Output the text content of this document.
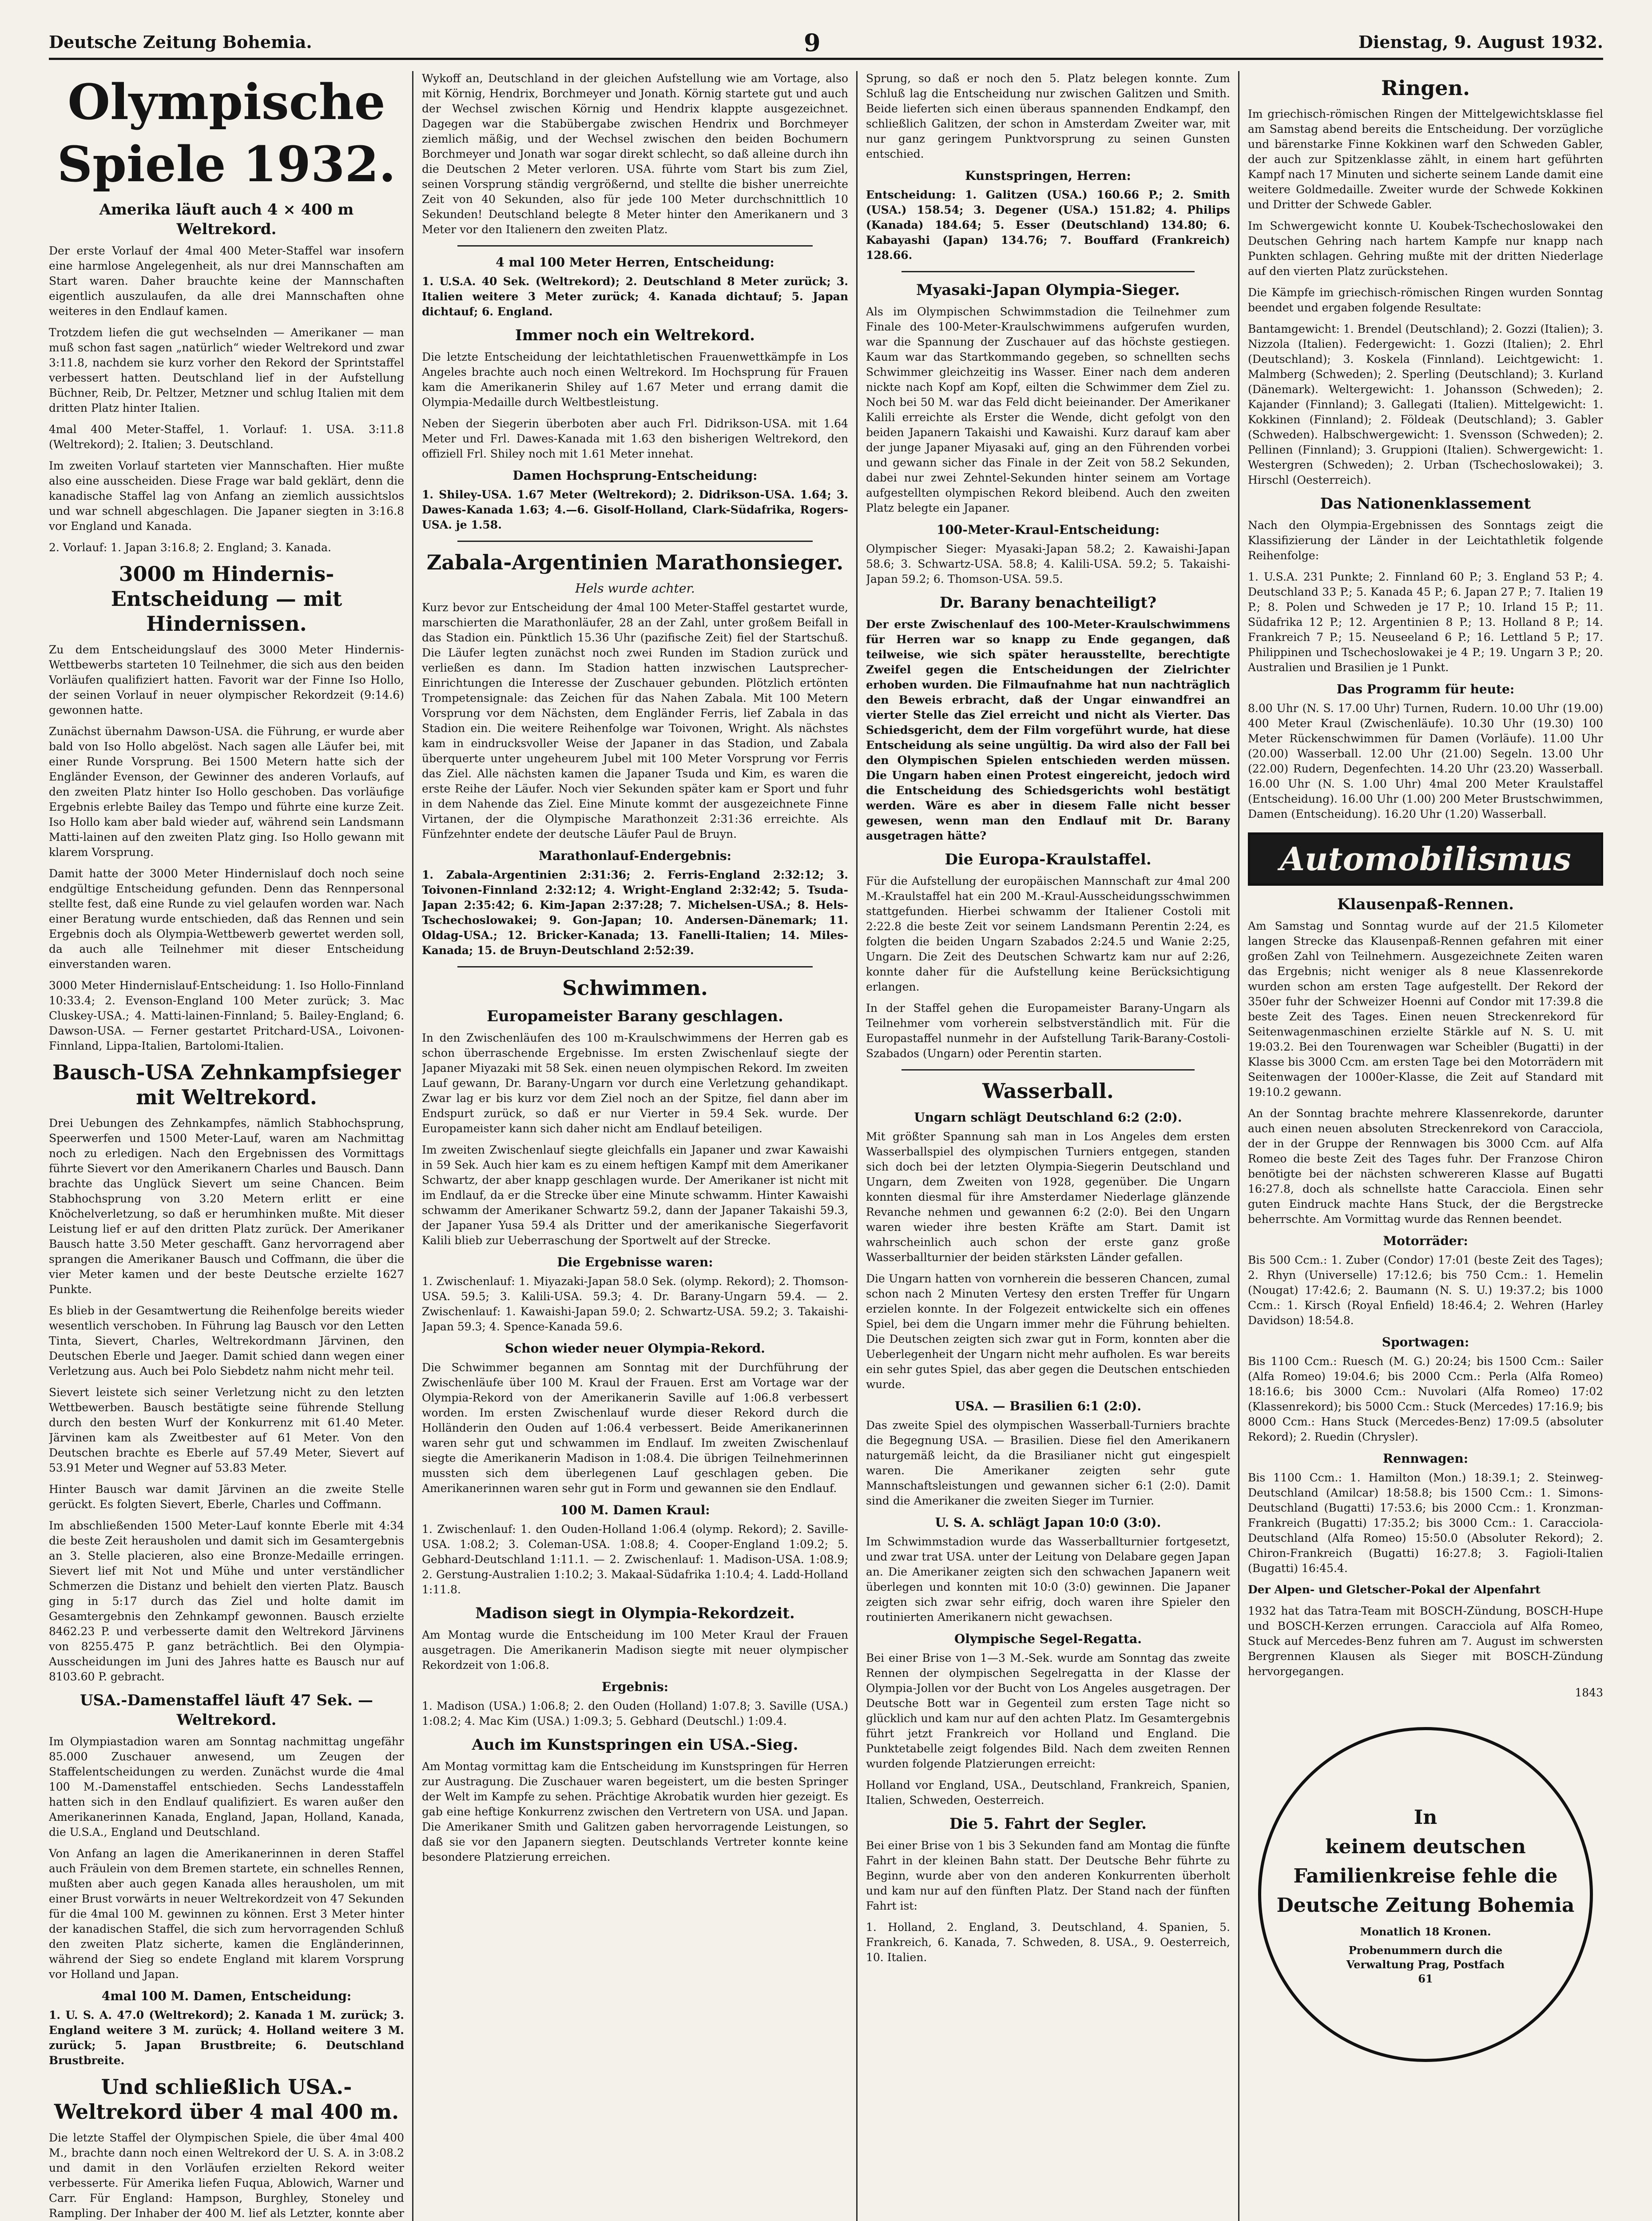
Deutsche Zeitung Bohemia.	9	Dienstag, 9. August 1932.
Olympische Spiele 1932.
Amerika läuft auch 4 × 400 m Weltrekord.

Der erste Vorlauf der 4mal 400 Meter-Staffel war insofern eine harmlose Angelegenheit, als nur drei Mannschaften am Start waren. Daher brauchte keine der Mannschaften eigentlich auszulaufen, da alle drei Mannschaften ohne weiteres in den Endlauf kamen.

Trotzdem liefen die gut wechselnden — Amerikaner — man muß schon fast sagen „natürlich“ wieder Weltrekord und zwar 3:11.8, nachdem sie kurz vorher den Rekord der Sprintstaffel verbessert hatten. Deutschland lief in der Aufstellung Büchner, Reib, Dr. Peltzer, Metzner und schlug Italien mit dem dritten Platz hinter Italien.

4mal 400 Meter-Staffel, 1. Vorlauf: 1. USA. 3:11.8 (Weltrekord); 2. Italien; 3. Deutschland.

Im zweiten Vorlauf starteten vier Mannschaften. Hier mußte also eine ausscheiden. Diese Frage war bald geklärt, denn die kanadische Staffel lag von Anfang an ziemlich aussichtslos und war schnell abgeschlagen. Die Japaner siegten in 3:16.8 vor England und Kanada.

2. Vorlauf: 1. Japan 3:16.8; 2. England; 3. Kanada.

3000 m Hindernis-Entscheidung — mit Hindernissen.

Zu dem Entscheidungslauf des 3000 Meter Hindernis-Wettbewerbs starteten 10 Teilnehmer, die sich aus den beiden Vorläufen qualifiziert hatten. Favorit war der Finne Iso Hollo, der seinen Vorlauf in neuer olympischer Rekordzeit (9:14.6) gewonnen hatte.

Zunächst übernahm Dawson-USA. die Führung, er wurde aber bald von Iso Hollo abgelöst. Nach sagen alle Läufer bei, mit einer Runde Vorsprung. Bei 1500 Metern hatte sich der Engländer Evenson, der Gewinner des anderen Vorlaufs, auf den zweiten Platz hinter Iso Hollo geschoben. Das vorläufige Ergebnis erlebte Bailey das Tempo und führte eine kurze Zeit. Iso Hollo kam aber bald wieder auf, während sein Landsmann Matti-lainen auf den zweiten Platz ging. Iso Hollo gewann mit klarem Vorsprung.

Damit hatte der 3000 Meter Hindernislauf doch noch seine endgültige Entscheidung gefunden. Denn das Rennpersonal stellte fest, daß eine Runde zu viel gelaufen worden war. Nach einer Beratung wurde entschieden, daß das Rennen und sein Ergebnis doch als Olympia-Wettbewerb gewertet werden soll, da auch alle Teilnehmer mit dieser Entscheidung einverstanden waren.

3000 Meter Hindernislauf-Entscheidung: 1. Iso Hollo-Finnland 10:33.4; 2. Evenson-England 100 Meter zurück; 3. Mac Cluskey-USA.; 4. Matti-lainen-Finnland; 5. Bailey-England; 6. Dawson-USA. — Ferner gestartet Pritchard-USA., Loivonen-Finnland, Lippa-Italien, Bartolomi-Italien.

Bausch-USA Zehnkampfsieger mit Weltrekord.

Drei Uebungen des Zehnkampfes, nämlich Stabhochsprung, Speerwerfen und 1500 Meter-Lauf, waren am Nachmittag noch zu erledigen. Nach den Ergebnissen des Vormittags führte Sievert vor den Amerikanern Charles und Bausch. Dann brachte das Unglück Sievert um seine Chancen. Beim Stabhochsprung von 3.20 Metern erlitt er eine Knöchelverletzung, so daß er herumhinken mußte. Mit dieser Leistung lief er auf den dritten Platz zurück. Der Amerikaner Bausch hatte 3.50 Meter geschafft. Ganz hervorragend aber sprangen die Amerikaner Bausch und Coffmann, die über die vier Meter kamen und der beste Deutsche erzielte 1627 Punkte.

Es blieb in der Gesamtwertung die Reihenfolge bereits wieder wesentlich verschoben. In Führung lag Bausch vor den Letten Tinta, Sievert, Charles, Weltrekordmann Järvinen, den Deutschen Eberle und Jaeger. Damit schied dann wegen einer Verletzung aus. Auch bei Polo Siebdetz nahm nicht mehr teil.

Sievert leistete sich seiner Verletzung nicht zu den letzten Wettbewerben. Bausch bestätigte seine führende Stellung durch den besten Wurf der Konkurrenz mit 61.40 Meter. Järvinen kam als Zweitbester auf 61 Meter. Von den Deutschen brachte es Eberle auf 57.49 Meter, Sievert auf 53.91 Meter und Wegner auf 53.83 Meter.

Hinter Bausch war damit Järvinen an die zweite Stelle gerückt. Es folgten Sievert, Eberle, Charles und Coffmann.

Im abschließenden 1500 Meter-Lauf konnte Eberle mit 4:34 die beste Zeit herausholen und damit sich im Gesamtergebnis an 3. Stelle placieren, also eine Bronze-Medaille erringen. Sievert lief mit Not und Mühe und unter verständlicher Schmerzen die Distanz und behielt den vierten Platz. Bausch ging in 5:17 durch das Ziel und holte damit im Gesamtergebnis den Zehnkampf gewonnen. Bausch erzielte 8462.23 P. und verbesserte damit den Weltrekord Järvinens von 8255.475 P. ganz beträchtlich. Bei den Olympia-Ausscheidungen im Juni des Jahres hatte es Bausch nur auf 8103.60 P. gebracht.

USA.-Damenstaffel läuft 47 Sek. — Weltrekord.

Im Olympiastadion waren am Sonntag nachmittag ungefähr 85.000 Zuschauer anwesend, um Zeugen der Staffelentscheidungen zu werden. Zunächst wurde die 4mal 100 M.-Damenstaffel entschieden. Sechs Landesstaffeln hatten sich in den Endlauf qualifiziert. Es waren außer den Amerikanerinnen Kanada, England, Japan, Holland, Kanada, die U.S.A., England und Deutschland.

Von Anfang an lagen die Amerikanerinnen in deren Staffel auch Fräulein von dem Bremen startete, ein schnelles Rennen, mußten aber auch gegen Kanada alles herausholen, um mit einer Brust vorwärts in neuer Weltrekordzeit von 47 Sekunden für die 4mal 100 M. gewinnen zu können. Erst 3 Meter hinter der kanadischen Staffel, die sich zum hervorragenden Schluß den zweiten Platz sicherte, kamen die Engländerinnen, während der Sieg so endete England mit klarem Vorsprung vor Holland und Japan.

4mal 100 M. Damen, Entscheidung:

1. U. S. A. 47.0 (Weltrekord); 2. Kanada 1 M. zurück; 3. England weitere 3 M. zurück; 4. Holland weitere 3 M. zurück; 5. Japan Brustbreite; 6. Deutschland Brustbreite.

Und schließlich USA.-Weltrekord über 4 mal 400 m.

Die letzte Staffel der Olympischen Spiele, die über 4mal 400 M., brachte dann noch einen Weltrekord der U. S. A. in 3:08.2 und damit in den Vorläufen erzielten Rekord weiter verbesserte. Für Amerika liefen Fuqua, Ablowich, Warner und Carr. Für England: Hampson, Burghley, Stoneley und Rampling. Der Inhaber der 400 M. lief als Letzter, konnte aber

Wykoff an, Deutschland in der gleichen Aufstellung wie am Vortage, also mit Körnig, Hendrix, Borchmeyer und Jonath. Körnig startete gut und auch der Wechsel zwischen Körnig und Hendrix klappte ausgezeichnet. Dagegen war die Stabübergabe zwischen Hendrix und Borchmeyer ziemlich mäßig, und der Wechsel zwischen den beiden Bochumern Borchmeyer und Jonath war sogar direkt schlecht, so daß alleine durch ihn die Deutschen 2 Meter verloren. USA. führte vom Start bis zum Ziel, seinen Vorsprung ständig vergrößernd, und stellte die bisher unerreichte Zeit von 40 Sekunden, also für jede 100 Meter durchschnittlich 10 Sekunden! Deutschland belegte 8 Meter hinter den Amerikanern und 3 Meter vor den Italienern den zweiten Platz.

4 mal 100 Meter Herren, Entscheidung:

1. U.S.A. 40 Sek. (Weltrekord); 2. Deutschland 8 Meter zurück; 3. Italien weitere 3 Meter zurück; 4. Kanada dichtauf; 5. Japan dichtauf; 6. England.

Immer noch ein Weltrekord.

Die letzte Entscheidung der leichtathletischen Frauenwettkämpfe in Los Angeles brachte auch noch einen Weltrekord. Im Hochsprung für Frauen kam die Amerikanerin Shiley auf 1.67 Meter und errang damit die Olympia-Medaille durch Weltbestleistung.

Neben der Siegerin überboten aber auch Frl. Didrikson-USA. mit 1.64 Meter und Frl. Dawes-Kanada mit 1.63 den bisherigen Weltrekord, den offiziell Frl. Shiley noch mit 1.61 Meter innehat.

Damen Hochsprung-Entscheidung:

1. Shiley-USA. 1.67 Meter (Weltrekord); 2. Didrikson-USA. 1.64; 3. Dawes-Kanada 1.63; 4.—6. Gisolf-Holland, Clark-Südafrika, Rogers-USA. je 1.58.

Zabala-Argentinien Marathonsieger.
Hels wurde achter.

Kurz bevor zur Entscheidung der 4mal 100 Meter-Staffel gestartet wurde, marschierten die Marathonläufer, 28 an der Zahl, unter großem Beifall in das Stadion ein. Pünktlich 15.36 Uhr (pazifische Zeit) fiel der Startschuß. Die Läufer legten zunächst noch zwei Runden im Stadion zurück und verließen es dann. Im Stadion hatten inzwischen Lautsprecher-Einrichtungen die Interesse der Zuschauer gebunden. Plötzlich ertönten Trompetensignale: das Zeichen für das Nahen Zabala. Mit 100 Metern Vorsprung vor dem Nächsten, dem Engländer Ferris, lief Zabala in das Stadion ein. Die weitere Reihenfolge war Toivonen, Wright. Als nächstes kam in eindrucksvoller Weise der Japaner in das Stadion, und Zabala überquerte unter ungeheurem Jubel mit 100 Meter Vorsprung vor Ferris das Ziel. Alle nächsten kamen die Japaner Tsuda und Kim, es waren die erste Reihe der Läufer. Noch vier Sekunden später kam er Sport und fuhr in dem Nahende das Ziel. Eine Minute kommt der ausgezeichnete Finne Virtanen, der die Olympische Marathonzeit 2:31:36 erreichte. Als Fünfzehnter endete der deutsche Läufer Paul de Bruyn.

Marathonlauf-Endergebnis:

1. Zabala-Argentinien 2:31:36; 2. Ferris-England 2:32:12; 3. Toivonen-Finnland 2:32:12; 4. Wright-England 2:32:42; 5. Tsuda-Japan 2:35:42; 6. Kim-Japan 2:37:28; 7. Michelsen-USA.; 8. Hels-Tschechoslowakei; 9. Gon-Japan; 10. Andersen-Dänemark; 11. Oldag-USA.; 12. Bricker-Kanada; 13. Fanelli-Italien; 14. Miles-Kanada; 15. de Bruyn-Deutschland 2:52:39.

Schwimmen.
Europameister Barany geschlagen.

In den Zwischenläufen des 100 m-Kraulschwimmens der Herren gab es schon überraschende Ergebnisse. Im ersten Zwischenlauf siegte der Japaner Miyazaki mit 58 Sek. einen neuen olympischen Rekord. Im zweiten Lauf gewann, Dr. Barany-Ungarn vor durch eine Verletzung gehandikapt. Zwar lag er bis kurz vor dem Ziel noch an der Spitze, fiel dann aber im Endspurt zurück, so daß er nur Vierter in 59.4 Sek. wurde. Der Europameister kann sich daher nicht am Endlauf beteiligen.

Im zweiten Zwischenlauf siegte gleichfalls ein Japaner und zwar Kawaishi in 59 Sek. Auch hier kam es zu einem heftigen Kampf mit dem Amerikaner Schwartz, der aber knapp geschlagen wurde. Der Amerikaner ist nicht mit im Endlauf, da er die Strecke über eine Minute schwamm. Hinter Kawaishi schwamm der Amerikaner Schwartz 59.2, dann der Japaner Takaishi 59.3, der Japaner Yusa 59.4 als Dritter und der amerikanische Siegerfavorit Kalili blieb zur Ueberraschung der Sportwelt auf der Strecke.

Die Ergebnisse waren:

1. Zwischenlauf: 1. Miyazaki-Japan 58.0 Sek. (olymp. Rekord); 2. Thomson-USA. 59.5; 3. Kalili-USA. 59.3; 4. Dr. Barany-Ungarn 59.4. — 2. Zwischenlauf: 1. Kawaishi-Japan 59.0; 2. Schwartz-USA. 59.2; 3. Takaishi-Japan 59.3; 4. Spence-Kanada 59.6.

Schon wieder neuer Olympia-Rekord.

Die Schwimmer begannen am Sonntag mit der Durchführung der Zwischenläufe über 100 M. Kraul der Frauen. Erst am Vortage war der Olympia-Rekord von der Amerikanerin Saville auf 1:06.8 verbessert worden. Im ersten Zwischenlauf wurde dieser Rekord durch die Holländerin den Ouden auf 1:06.4 verbessert. Beide Amerikanerinnen waren sehr gut und schwammen im Endlauf. Im zweiten Zwischenlauf siegte die Amerikanerin Madison in 1:08.4. Die übrigen Teilnehmerinnen mussten sich dem überlegenen Lauf geschlagen geben. Die Amerikanerinnen waren sehr gut in Form und gewannen sie den Endlauf.

100 M. Damen Kraul:

1. Zwischenlauf: 1. den Ouden-Holland 1:06.4 (olymp. Rekord); 2. Saville-USA. 1:08.2; 3. Coleman-USA. 1:08.8; 4. Cooper-England 1:09.2; 5. Gebhard-Deutschland 1:11.1. — 2. Zwischenlauf: 1. Madison-USA. 1:08.9; 2. Gerstung-Australien 1:10.2; 3. Makaal-Südafrika 1:10.4; 4. Ladd-Holland 1:11.8.

Madison siegt in Olympia-Rekordzeit.

Am Montag wurde die Entscheidung im 100 Meter Kraul der Frauen ausgetragen. Die Amerikanerin Madison siegte mit neuer olympischer Rekordzeit von 1:06.8.

Ergebnis:

1. Madison (USA.) 1:06.8; 2. den Ouden (Holland) 1:07.8; 3. Saville (USA.) 1:08.2; 4. Mac Kim (USA.) 1:09.3; 5. Gebhard (Deutschl.) 1:09.4.

Auch im Kunstspringen ein USA.-Sieg.

Am Montag vormittag kam die Entscheidung im Kunstspringen für Herren zur Austragung. Die Zuschauer waren begeistert, um die besten Springer der Welt im Kampfe zu sehen. Prächtige Akrobatik wurden hier gezeigt. Es gab eine heftige Konkurrenz zwischen den Vertretern von USA. und Japan. Die Amerikaner Smith und Galitzen gaben hervorragende Leistungen, so daß sie vor den Japanern siegten. Deutschlands Vertreter konnte keine besondere Platzierung erreichen.

Sprung, so daß er noch den 5. Platz belegen konnte. Zum Schluß lag die Entscheidung nur zwischen Galitzen und Smith. Beide lieferten sich einen überaus spannenden Endkampf, den schließlich Galitzen, der schon in Amsterdam Zweiter war, mit nur ganz geringem Punktvorsprung zu seinen Gunsten entschied.

Kunstspringen, Herren:

Entscheidung: 1. Galitzen (USA.) 160.66 P.; 2. Smith (USA.) 158.54; 3. Degener (USA.) 151.82; 4. Philips (Kanada) 184.64; 5. Esser (Deutschland) 134.80; 6. Kabayashi (Japan) 134.76; 7. Bouffard (Frankreich) 128.66.

Myasaki-Japan Olympia-Sieger.

Als im Olympischen Schwimmstadion die Teilnehmer zum Finale des 100-Meter-Kraulschwimmens aufgerufen wurden, war die Spannung der Zuschauer auf das höchste gestiegen. Kaum war das Startkommando gegeben, so schnellten sechs Schwimmer gleichzeitig ins Wasser. Einer nach dem anderen nickte nach Kopf am Kopf, eilten die Schwimmer dem Ziel zu. Noch bei 50 M. war das Feld dicht beieinander. Der Amerikaner Kalili erreichte als Erster die Wende, dicht gefolgt von den beiden Japanern Takaishi und Kawaishi. Kurz darauf kam aber der junge Japaner Miyasaki auf, ging an den Führenden vorbei und gewann sicher das Finale in der Zeit von 58.2 Sekunden, dabei nur zwei Zehntel-Sekunden hinter seinem am Vortage aufgestellten olympischen Rekord bleibend. Auch den zweiten Platz belegte ein Japaner.

100-Meter-Kraul-Entscheidung:

Olympischer Sieger: Myasaki-Japan 58.2; 2. Kawaishi-Japan 58.6; 3. Schwartz-USA. 58.8; 4. Kalili-USA. 59.2; 5. Takaishi-Japan 59.2; 6. Thomson-USA. 59.5.

Dr. Barany benachteiligt?

Der erste Zwischenlauf des 100-Meter-Kraulschwimmens für Herren war so knapp zu Ende gegangen, daß teilweise, wie sich später herausstellte, berechtigte Zweifel gegen die Entscheidungen der Zielrichter erhoben wurden. Die Filmaufnahme hat nun nachträglich den Beweis erbracht, daß der Ungar einwandfrei an vierter Stelle das Ziel erreicht und nicht als Vierter. Das Schiedsgericht, dem der Film vorgeführt wurde, hat diese Entscheidung als seine ungültig. Da wird also der Fall bei den Olympischen Spielen entschieden werden müssen. Die Ungarn haben einen Protest eingereicht, jedoch wird die Entscheidung des Schiedsgerichts wohl bestätigt werden. Wäre es aber in diesem Falle nicht besser gewesen, wenn man den Endlauf mit Dr. Barany ausgetragen hätte?

Die Europa-Kraulstaffel.

Für die Aufstellung der europäischen Mannschaft zur 4mal 200 M.-Kraulstaffel hat ein 200 M.-Kraul-Ausscheidungsschwimmen stattgefunden. Hierbei schwamm der Italiener Costoli mit 2:22.8 die beste Zeit vor seinem Landsmann Perentin 2:24, es folgten die beiden Ungarn Szabados 2:24.5 und Wanie 2:25, Ungarn. Die Zeit des Deutschen Schwartz kam nur auf 2:26, konnte daher für die Aufstellung keine Berücksichtigung erlangen.

In der Staffel gehen die Europameister Barany-Ungarn als Teilnehmer vom vorherein selbstverständlich mit. Für die Europastaffel nunmehr in der Aufstellung Tarik-Barany-Costoli-Szabados (Ungarn) oder Perentin starten.

Wasserball.
Ungarn schlägt Deutschland 6:2 (2:0).

Mit größter Spannung sah man in Los Angeles dem ersten Wasserballspiel des olympischen Turniers entgegen, standen sich doch bei der letzten Olympia-Siegerin Deutschland und Ungarn, dem Zweiten von 1928, gegenüber. Die Ungarn konnten diesmal für ihre Amsterdamer Niederlage glänzende Revanche nehmen und gewannen 6:2 (2:0). Bei den Ungarn waren wieder ihre besten Kräfte am Start. Damit ist wahrscheinlich auch schon der erste ganz große Wasserballturnier der beiden stärksten Länder gefallen.

Die Ungarn hatten von vornherein die besseren Chancen, zumal schon nach 2 Minuten Vertesy den ersten Treffer für Ungarn erzielen konnte. In der Folgezeit entwickelte sich ein offenes Spiel, bei dem die Ungarn immer mehr die Führung behielten. Die Deutschen zeigten sich zwar gut in Form, konnten aber die Ueberlegenheit der Ungarn nicht mehr aufholen. Es war bereits ein sehr gutes Spiel, das aber gegen die Deutschen entschieden wurde.

USA. — Brasilien 6:1 (2:0).

Das zweite Spiel des olympischen Wasserball-Turniers brachte die Begegnung USA. — Brasilien. Diese fiel den Amerikanern naturgemäß leicht, da die Brasilianer nicht gut eingespielt waren. Die Amerikaner zeigten sehr gute Mannschaftsleistungen und gewannen sicher 6:1 (2:0). Damit sind die Amerikaner die zweiten Sieger im Turnier.

U. S. A. schlägt Japan 10:0 (3:0).

Im Schwimmstadion wurde das Wasserballturnier fortgesetzt, und zwar trat USA. unter der Leitung von Delabare gegen Japan an. Die Amerikaner zeigten sich den schwachen Japanern weit überlegen und konnten mit 10:0 (3:0) gewinnen. Die Japaner zeigten sich zwar sehr eifrig, doch waren ihre Spieler den routinierten Amerikanern nicht gewachsen.

Olympische Segel-Regatta.

Bei einer Brise von 1—3 M.-Sek. wurde am Sonntag das zweite Rennen der olympischen Segelregatta in der Klasse der Olympia-Jollen vor der Bucht von Los Angeles ausgetragen. Der Deutsche Bott war in Gegenteil zum ersten Tage nicht so glücklich und kam nur auf den achten Platz. Im Gesamtergebnis führt jetzt Frankreich vor Holland und England. Die Punktetabelle zeigt folgendes Bild. Nach dem zweiten Rennen wurden folgende Platzierungen erreicht:

Holland vor England, USA., Deutschland, Frankreich, Spanien, Italien, Schweden, Oesterreich.

Die 5. Fahrt der Segler.

Bei einer Brise von 1 bis 3 Sekunden fand am Montag die fünfte Fahrt in der kleinen Bahn statt. Der Deutsche Behr führte zu Beginn, wurde aber von den anderen Konkurrenten überholt und kam nur auf den fünften Platz. Der Stand nach der fünften Fahrt ist:

1. Holland, 2. England, 3. Deutschland, 4. Spanien, 5. Frankreich, 6. Kanada, 7. Schweden, 8. USA., 9. Oesterreich, 10. Italien.

Ringen.

Im griechisch-römischen Ringen der Mittelgewichtsklasse fiel am Samstag abend bereits die Entscheidung. Der vorzügliche und bärenstarke Finne Kokkinen warf den Schweden Gabler, der auch zur Spitzenklasse zählt, in einem hart geführten Kampf nach 17 Minuten und sicherte seinem Lande damit eine weitere Goldmedaille. Zweiter wurde der Schwede Kokkinen und Dritter der Schwede Gabler.

Im Schwergewicht konnte U. Koubek-Tschechoslowakei den Deutschen Gehring nach hartem Kampfe nur knapp nach Punkten schlagen. Gehring mußte mit der dritten Niederlage auf den vierten Platz zurückstehen.

Die Kämpfe im griechisch-römischen Ringen wurden Sonntag beendet und ergaben folgende Resultate:

Bantamgewicht: 1. Brendel (Deutschland); 2. Gozzi (Italien); 3. Nizzola (Italien). Federgewicht: 1. Gozzi (Italien); 2. Ehrl (Deutschland); 3. Koskela (Finnland). Leichtgewicht: 1. Malmberg (Schweden); 2. Sperling (Deutschland); 3. Kurland (Dänemark). Weltergewicht: 1. Johansson (Schweden); 2. Kajander (Finnland); 3. Gallegati (Italien). Mittelgewicht: 1. Kokkinen (Finnland); 2. Földeak (Deutschland); 3. Gabler (Schweden). Halbschwergewicht: 1. Svensson (Schweden); 2. Pellinen (Finnland); 3. Gruppioni (Italien). Schwergewicht: 1. Westergren (Schweden); 2. Urban (Tschechoslowakei); 3. Hirschl (Oesterreich).

Das Nationenklassement

Nach den Olympia-Ergebnissen des Sonntags zeigt die Klassifizierung der Länder in der Leichtathletik folgende Reihenfolge:

1. U.S.A. 231 Punkte; 2. Finnland 60 P.; 3. England 53 P.; 4. Deutschland 33 P.; 5. Kanada 45 P.; 6. Japan 27 P.; 7. Italien 19 P.; 8. Polen und Schweden je 17 P.; 10. Irland 15 P.; 11. Südafrika 12 P.; 12. Argentinien 8 P.; 13. Holland 8 P.; 14. Frankreich 7 P.; 15. Neuseeland 6 P.; 16. Lettland 5 P.; 17. Philippinen und Tschechoslowakei je 4 P.; 19. Ungarn 3 P.; 20. Australien und Brasilien je 1 Punkt.

Das Programm für heute:

8.00 Uhr (N. S. 17.00 Uhr) Turnen, Rudern. 10.00 Uhr (19.00) 400 Meter Kraul (Zwischenläufe). 10.30 Uhr (19.30) 100 Meter Rückenschwimmen für Damen (Vorläufe). 11.00 Uhr (20.00) Wasserball. 12.00 Uhr (21.00) Segeln. 13.00 Uhr (22.00) Rudern, Degenfechten. 14.20 Uhr (23.20) Wasserball. 16.00 Uhr (N. S. 1.00 Uhr) 4mal 200 Meter Kraulstaffel (Entscheidung). 16.00 Uhr (1.00) 200 Meter Brustschwimmen, Damen (Entscheidung). 16.20 Uhr (1.20) Wasserball.

Automobilismus
Klausenpaß-Rennen.

Am Samstag und Sonntag wurde auf der 21.5 Kilometer langen Strecke das Klausenpaß-Rennen gefahren mit einer großen Zahl von Teilnehmern. Ausgezeichnete Zeiten waren das Ergebnis; nicht weniger als 8 neue Klassenrekorde wurden schon am ersten Tage aufgestellt. Der Rekord der 350er fuhr der Schweizer Hoenni auf Condor mit 17:39.8 die beste Zeit des Tages. Einen neuen Streckenrekord für Seitenwagenmaschinen erzielte Stärkle auf N. S. U. mit 19:03.2. Bei den Tourenwagen war Scheibler (Bugatti) in der Klasse bis 3000 Ccm. am ersten Tage bei den Motorrädern mit Seitenwagen der 1000er-Klasse, die Zeit auf Standard mit 19:10.2 gewann.

An der Sonntag brachte mehrere Klassenrekorde, darunter auch einen neuen absoluten Streckenrekord von Caracciola, der in der Gruppe der Rennwagen bis 3000 Ccm. auf Alfa Romeo die beste Zeit des Tages fuhr. Der Franzose Chiron benötigte bei der nächsten schwereren Klasse auf Bugatti 16:27.8, doch als schnellste hatte Caracciola. Einen sehr guten Eindruck machte Hans Stuck, der die Bergstrecke beherrschte. Am Vormittag wurde das Rennen beendet.

Motorräder:

Bis 500 Ccm.: 1. Zuber (Condor) 17:01 (beste Zeit des Tages); 2. Rhyn (Universelle) 17:12.6; bis 750 Ccm.: 1. Hemelin (Nougat) 17:42.6; 2. Baumann (N. S. U.) 19:37.2; bis 1000 Ccm.: 1. Kirsch (Royal Enfield) 18:46.4; 2. Wehren (Harley Davidson) 18:54.8.

Sportwagen:

Bis 1100 Ccm.: Ruesch (M. G.) 20:24; bis 1500 Ccm.: Sailer (Alfa Romeo) 19:04.6; bis 2000 Ccm.: Perla (Alfa Romeo) 18:16.6; bis 3000 Ccm.: Nuvolari (Alfa Romeo) 17:02 (Klassenrekord); bis 5000 Ccm.: Stuck (Mercedes) 17:16.9; bis 8000 Ccm.: Hans Stuck (Mercedes-Benz) 17:09.5 (absoluter Rekord); 2. Ruedin (Chrysler).

Rennwagen:

Bis 1100 Ccm.: 1. Hamilton (Mon.) 18:39.1; 2. Steinweg-Deutschland (Amilcar) 18:58.8; bis 1500 Ccm.: 1. Simons-Deutschland (Bugatti) 17:53.6; bis 2000 Ccm.: 1. Kronzman-Frankreich (Bugatti) 17:35.2; bis 3000 Ccm.: 1. Caracciola-Deutschland (Alfa Romeo) 15:50.0 (Absoluter Rekord); 2. Chiron-Frankreich (Bugatti) 16:27.8; 3. Fagioli-Italien (Bugatti) 16:45.4.

Der Alpen- und Gletscher-Pokal der Alpenfahrt

1932 hat das Tatra-Team mit BOSCH-Zündung, BOSCH-Hupe und BOSCH-Kerzen errungen. Caracciola auf Alfa Romeo, Stuck auf Mercedes-Benz fuhren am 7. August im schwersten Bergrennen Klausen als Sieger mit BOSCH-Zündung hervorgegangen.

1843

In
keinem deutschen
Familienkreise fehle die
Deutsche Zeitung Bohemia
Monatlich 18 Kronen.
Probenummern durch die Verwaltung Prag, Postfach 61
